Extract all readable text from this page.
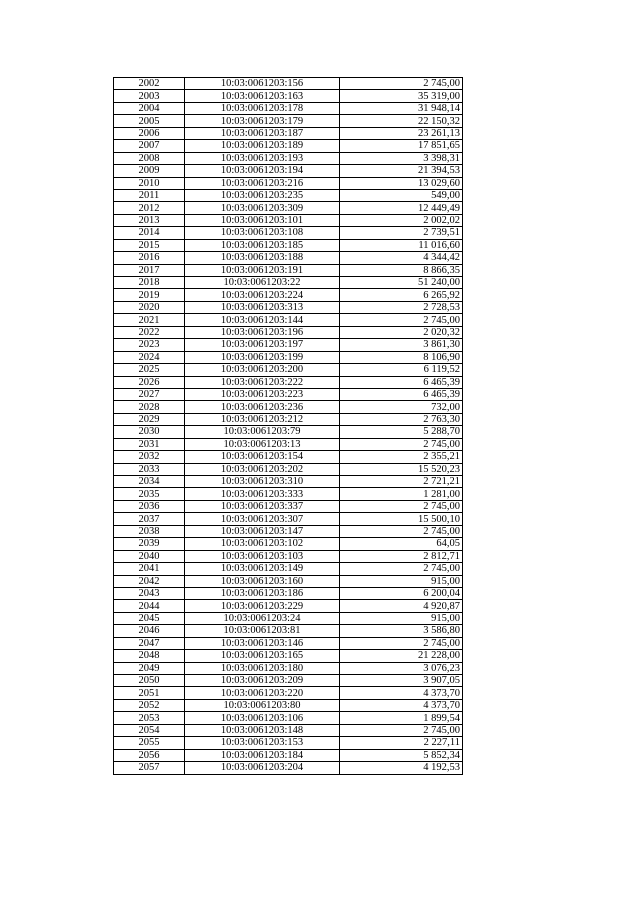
2002	10:03:0061203:156	2 745,00
2003	10:03:0061203:163	35 319,00
2004	10:03:0061203:178	31 948,14
2005	10:03:0061203:179	22 150,32
2006	10:03:0061203:187	23 261,13
2007	10:03:0061203:189	17 851,65
2008	10:03:0061203:193	3 398,31
2009	10:03:0061203:194	21 394,53
2010	10:03:0061203:216	13 029,60
2011	10:03:0061203:235	549,00
2012	10:03:0061203:309	12 449,49
2013	10:03:0061203:101	2 002,02
2014	10:03:0061203:108	2 739,51
2015	10:03:0061203:185	11 016,60
2016	10:03:0061203:188	4 344,42
2017	10:03:0061203:191	8 866,35
2018	10:03:0061203:22	51 240,00
2019	10:03:0061203:224	6 265,92
2020	10:03:0061203:313	2 728,53
2021	10:03:0061203:144	2 745,00
2022	10:03:0061203:196	2 020,32
2023	10:03:0061203:197	3 861,30
2024	10:03:0061203:199	8 106,90
2025	10:03:0061203:200	6 119,52
2026	10:03:0061203:222	6 465,39
2027	10:03:0061203:223	6 465,39
2028	10:03:0061203:236	732,00
2029	10:03:0061203:212	2 763,30
2030	10:03:0061203:79	5 288,70
2031	10:03:0061203:13	2 745,00
2032	10:03:0061203:154	2 355,21
2033	10:03:0061203:202	15 520,23
2034	10:03:0061203:310	2 721,21
2035	10:03:0061203:333	1 281,00
2036	10:03:0061203:337	2 745,00
2037	10:03:0061203:307	15 500,10
2038	10:03:0061203:147	2 745,00
2039	10:03:0061203:102	64,05
2040	10:03:0061203:103	2 812,71
2041	10:03:0061203:149	2 745,00
2042	10:03:0061203:160	915,00
2043	10:03:0061203:186	6 200,04
2044	10:03:0061203:229	4 920,87
2045	10:03:0061203:24	915,00
2046	10:03:0061203:81	3 586,80
2047	10:03:0061203:146	2 745,00
2048	10:03:0061203:165	21 228,00
2049	10:03:0061203:180	3 076,23
2050	10:03:0061203:209	3 907,05
2051	10:03:0061203:220	4 373,70
2052	10:03:0061203:80	4 373,70
2053	10:03:0061203:106	1 899,54
2054	10:03:0061203:148	2 745,00
2055	10:03:0061203:153	2 227,11
2056	10:03:0061203:184	5 852,34
2057	10:03:0061203:204	4 192,53
